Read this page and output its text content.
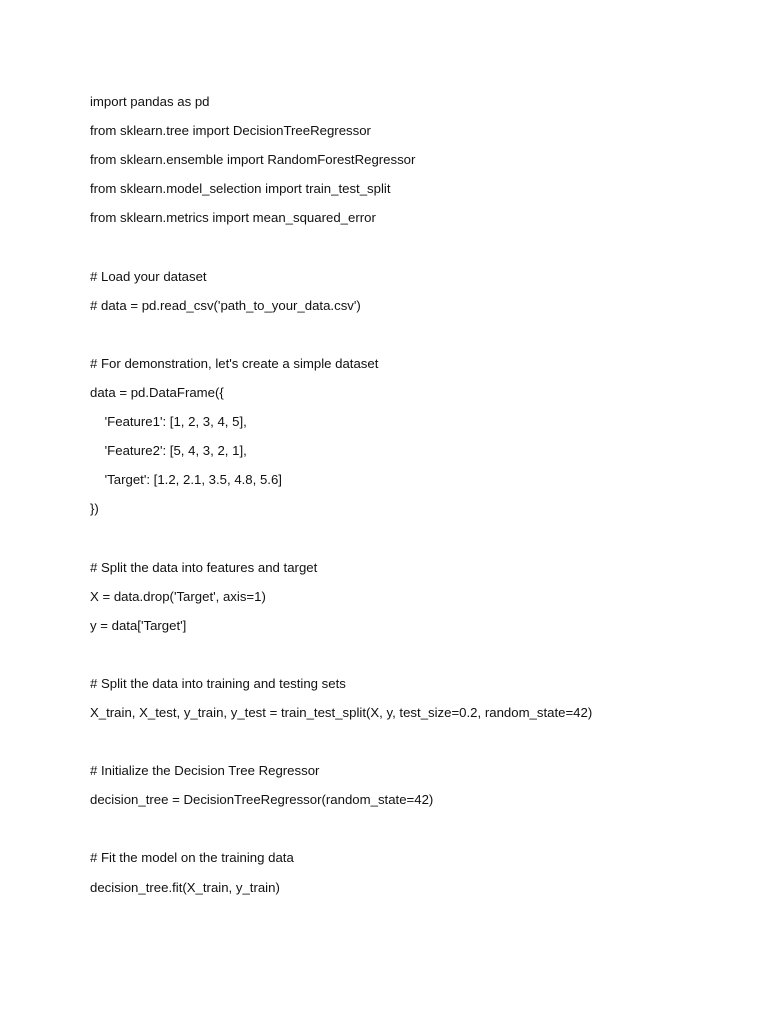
import pandas as pd
from sklearn.tree import DecisionTreeRegressor
from sklearn.ensemble import RandomForestRegressor
from sklearn.model_selection import train_test_split
from sklearn.metrics import mean_squared_error
# Load your dataset
# data = pd.read_csv('path_to_your_data.csv')
# For demonstration, let's create a simple dataset
data = pd.DataFrame({
'Feature1': [1, 2, 3, 4, 5],
'Feature2': [5, 4, 3, 2, 1],
'Target': [1.2, 2.1, 3.5, 4.8, 5.6]
})
# Split the data into features and target
X = data.drop('Target', axis=1)
y = data['Target']
# Split the data into training and testing sets
X_train, X_test, y_train, y_test = train_test_split(X, y, test_size=0.2, random_state=42)
# Initialize the Decision Tree Regressor
decision_tree = DecisionTreeRegressor(random_state=42)
# Fit the model on the training data
decision_tree.fit(X_train, y_train)
